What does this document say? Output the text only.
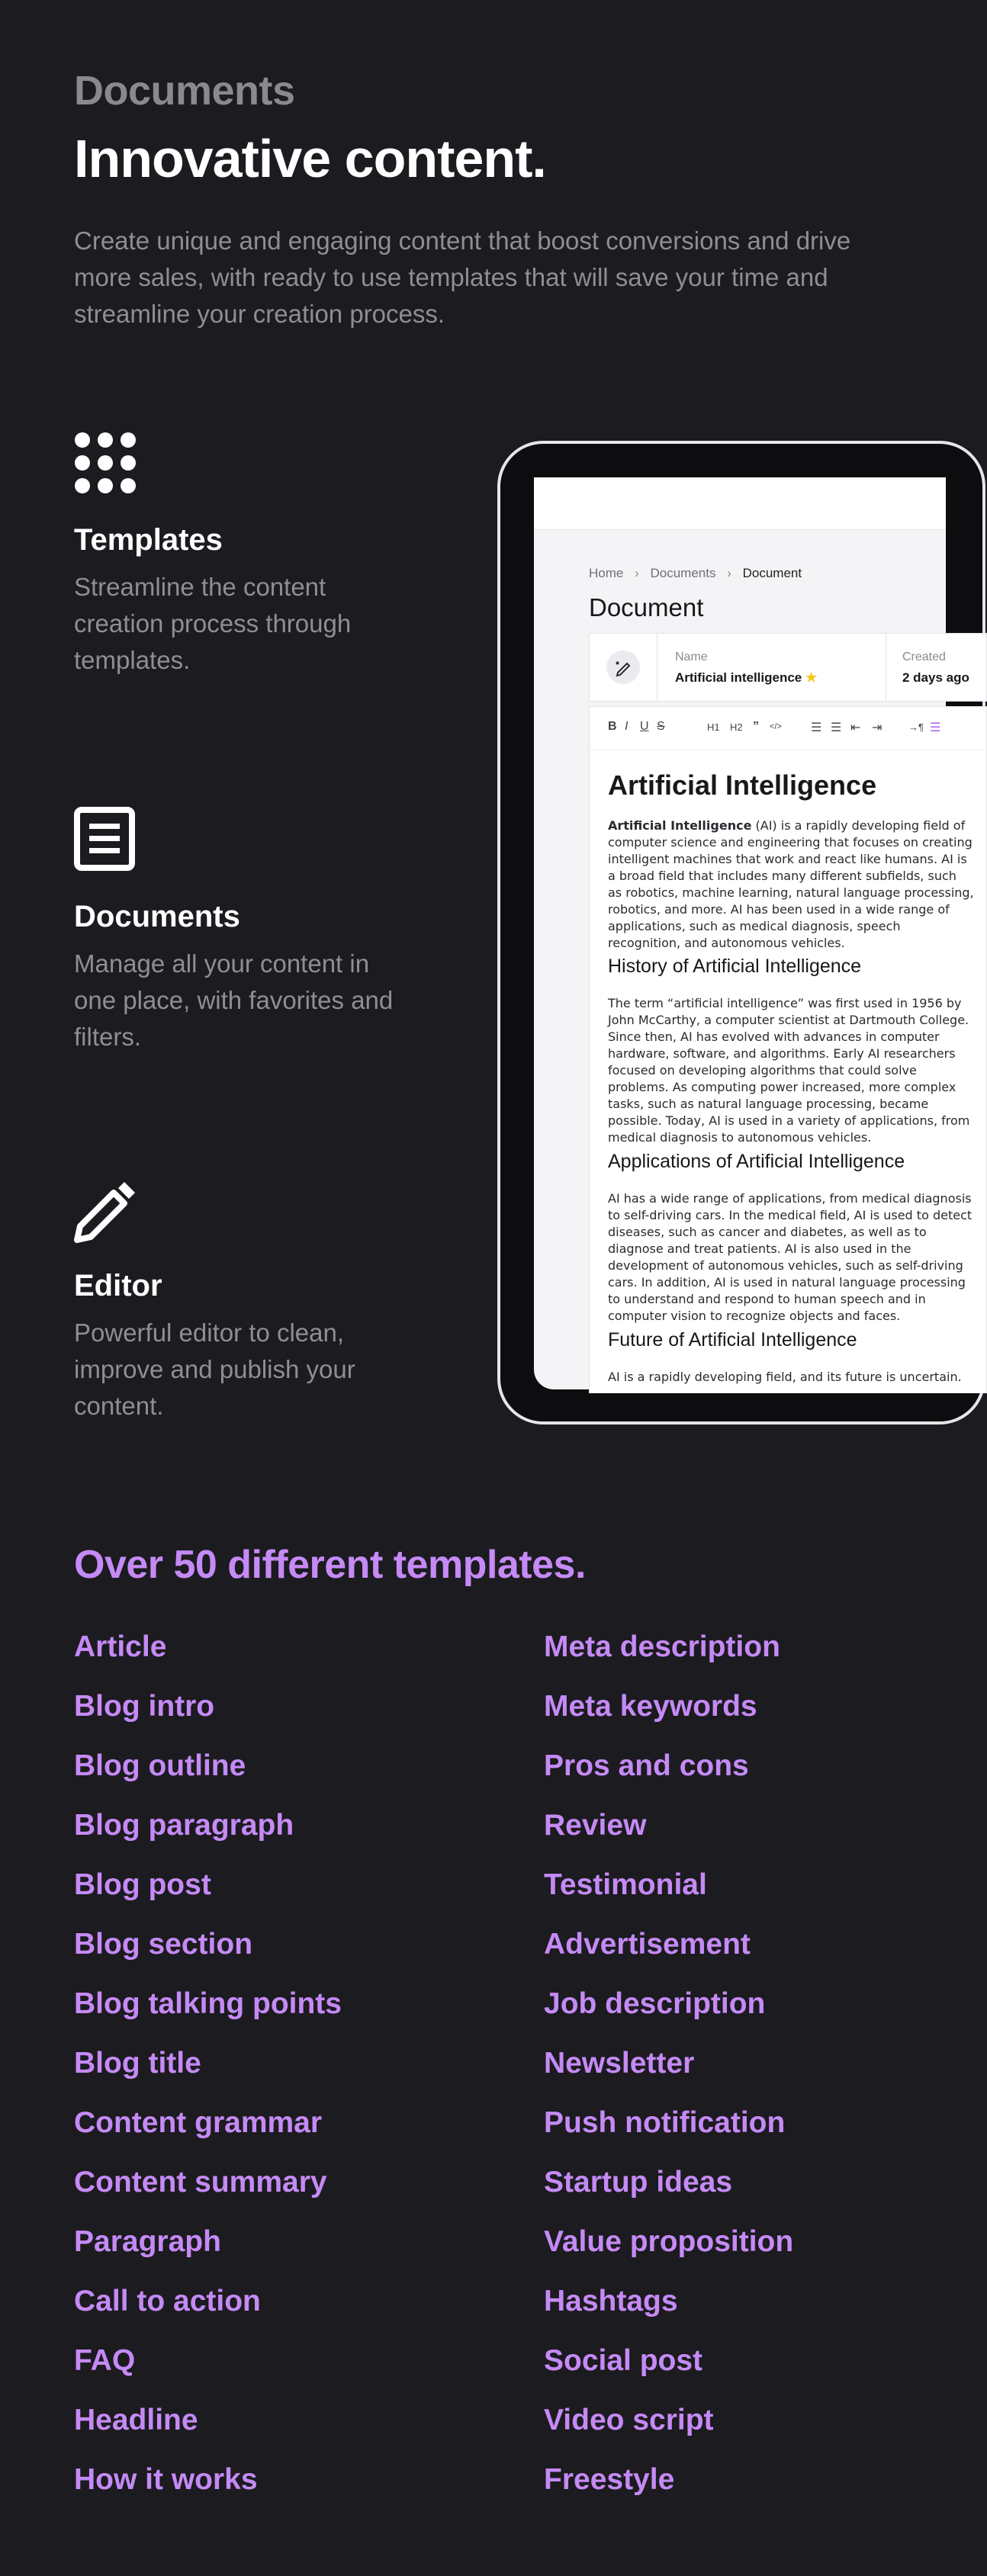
Documents
Innovative content.
Create unique and engaging content that boost conversions and drive more sales, with ready to use templates that will save your time and streamline your creation process.
Templates
Streamline the content creation process through templates.
Documents
Manage all your content in one place, with favorites and filters.
Editor
Powerful editor to clean, improve and publish your content.
Home › Documents › Document
Document
Name
Artificial intelligence ★
Created
2 days ago
B I U S	H1 H2 ” </> ☰ ☰ ⇤ ⇥	→¶ ☰
Artificial Intelligence
Artificial Intelligence (AI) is a rapidly developing field of computer science and engineering that focuses on creating intelligent machines that work and react like humans. AI is a broad field that includes many different subfields, such as robotics, machine learning, natural language processing, robotics, and more. AI has been used in a wide range of applications, such as medical diagnosis, speech recognition, and autonomous vehicles.
History of Artificial Intelligence
The term “artificial intelligence” was first used in 1956 by John McCarthy, a computer scientist at Dartmouth College. Since then, AI has evolved with advances in computer hardware, software, and algorithms. Early AI researchers focused on developing algorithms that could solve problems. As computing power increased, more complex tasks, such as natural language processing, became possible. Today, AI is used in a variety of applications, from medical diagnosis to autonomous vehicles.
Applications of Artificial Intelligence
AI has a wide range of applications, from medical diagnosis to self-driving cars. In the medical field, AI is used to detect diseases, such as cancer and diabetes, as well as to diagnose and treat patients. AI is also used in the development of autonomous vehicles, such as self-driving cars. In addition, AI is used in natural language processing to understand and respond to human speech and in computer vision to recognize objects and faces.
Future of Artificial Intelligence
AI is a rapidly developing field, and its future is uncertain.
Over 50 different templates.
Article
Blog intro
Blog outline
Blog paragraph
Blog post
Blog section
Blog talking points
Blog title
Content grammar
Content summary
Paragraph
Call to action
FAQ
Headline
How it works
Meta description
Meta keywords
Pros and cons
Review
Testimonial
Advertisement
Job description
Newsletter
Push notification
Startup ideas
Value proposition
Hashtags
Social post
Video script
Freestyle
